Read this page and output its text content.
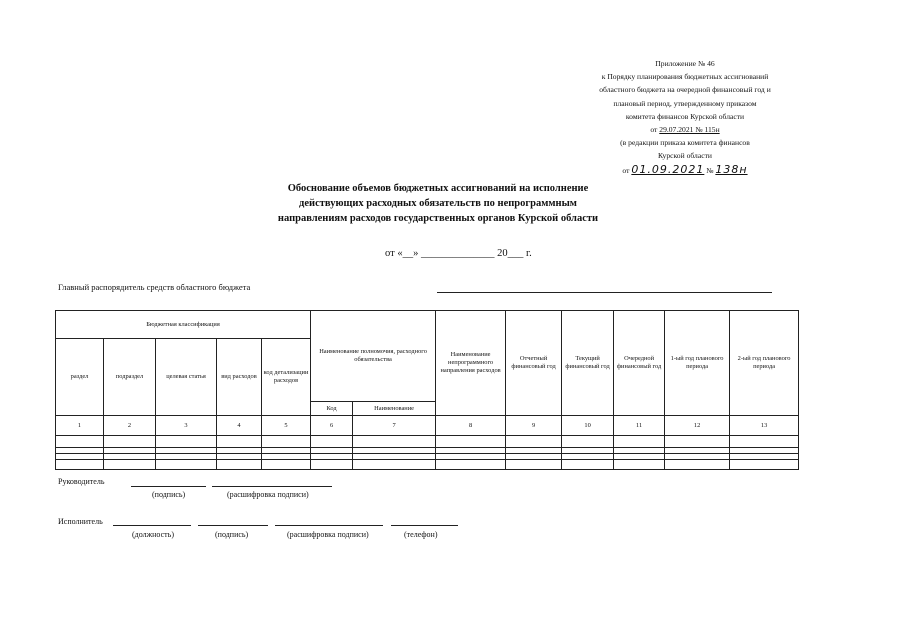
Приложение № 46
к Порядку планирования бюджетных ассигнований
областного бюджета на очередной финансовый год и
плановый период, утвержденному приказом
комитета финансов Курской области
от 29.07.2021 № 115н
(в редакции приказа комитета финансов
Курской области
от 01.09.2021 № 138н
Обоснование объемов бюджетных ассигнований на исполнение
действующих расходных обязательств по непрограммным
направлениям расходов государственных органов Курской области
от «__» ______________ 20___ г.
Главный распорядитель средств областного бюджета
Бюджетная классификация					Наименование полномочия, расходного обязательства		Наименование непрограммного направления расходов	Отчетный финансовый год	Текущий финансовый год	Очередной финансовый год	1-ый год планового периода	2-ый год планового периода
раздел	подраздел	целевая статья	вид расходов	код детализации расходов								
					Код	Наименование						
1	2	3	4	5	6	7	8	9	10	11	12	13

Руководитель
(подпись)	(расшифровка подписи)
Исполнитель
(должность)	(подпись)	(расшифровка подписи)	(телефон)
